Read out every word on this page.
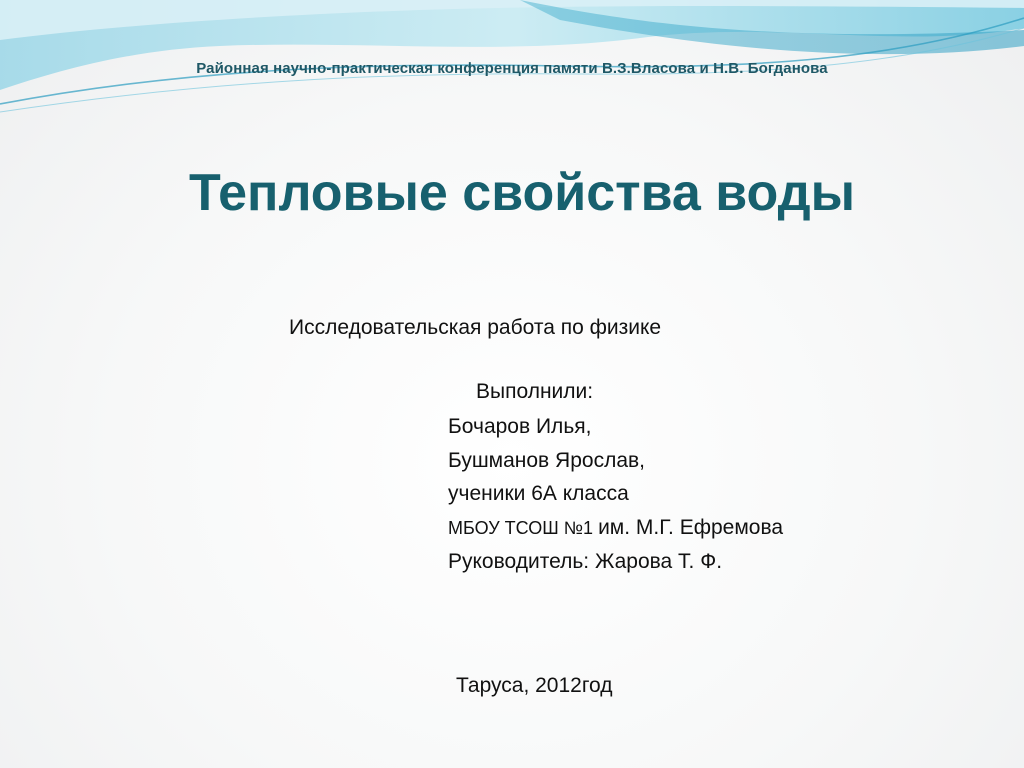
Районная научно-практическая конференция памяти В.З.Власова и Н.В. Богданова
Тепловые свойства воды
Исследовательская работа по физике
Выполнили:
Бочаров Илья,
Бушманов Ярослав,
ученики 6А класса
МБОУ ТСОШ №1 им. М.Г. Ефремова
Руководитель: Жарова Т. Ф.
Таруса, 2012год
